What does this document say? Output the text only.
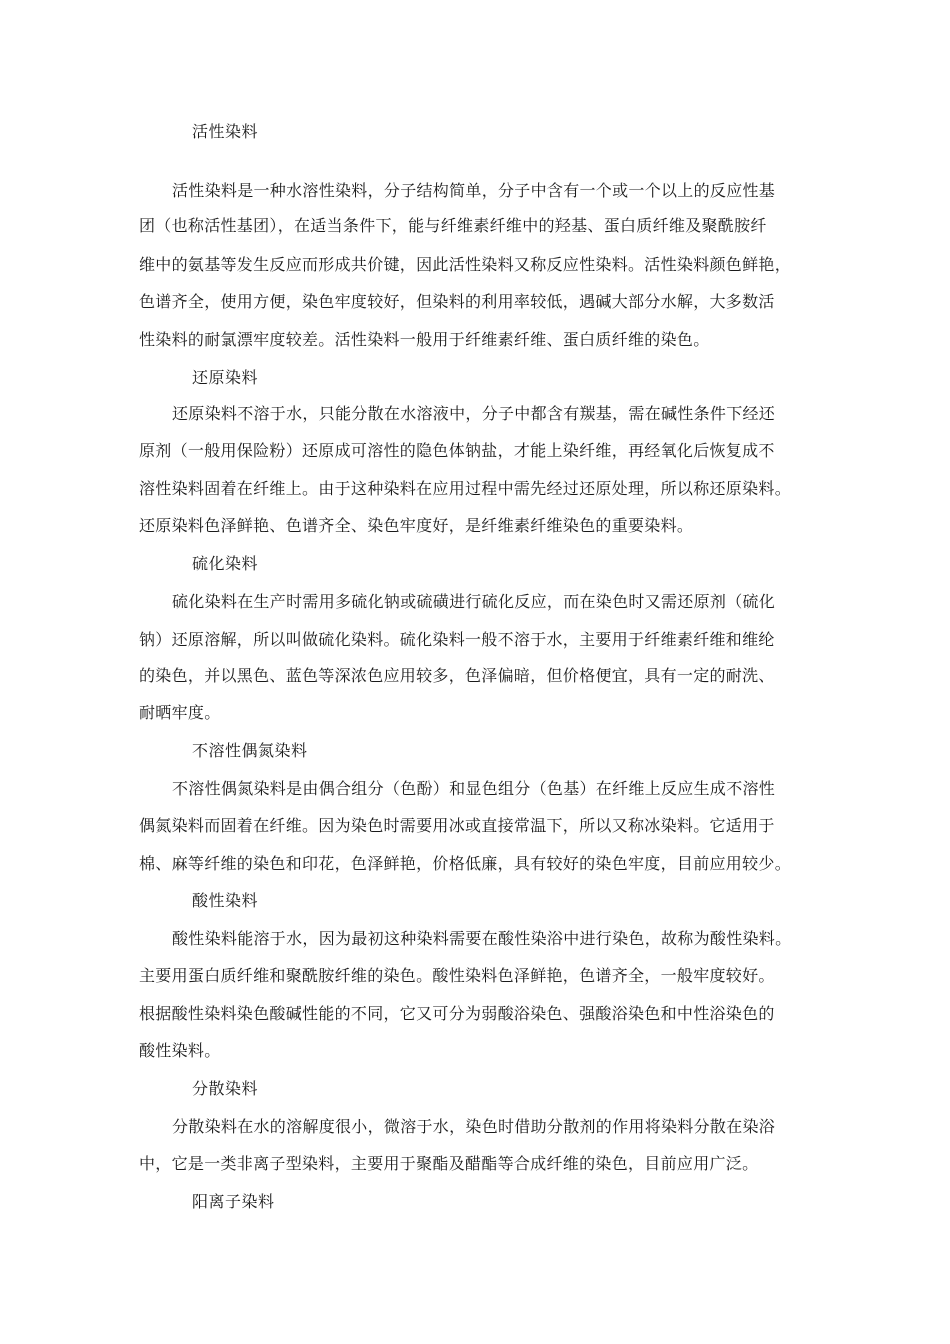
活性染料
活性染料是一种水溶性染料，分子结构简单，分子中含有一个或一个以上的反应性基
团（也称活性基团），在适当条件下，能与纤维素纤维中的羟基、蛋白质纤维及聚酰胺纤
维中的氨基等发生反应而形成共价键，因此活性染料又称反应性染料。活性染料颜色鲜艳，
色谱齐全，使用方便，染色牢度较好，但染料的利用率较低，遇碱大部分水解，大多数活
性染料的耐氯漂牢度较差。活性染料一般用于纤维素纤维、蛋白质纤维的染色。
还原染料
还原染料不溶于水，只能分散在水溶液中，分子中都含有羰基，需在碱性条件下经还
原剂（一般用保险粉）还原成可溶性的隐色体钠盐，才能上染纤维，再经氧化后恢复成不
溶性染料固着在纤维上。由于这种染料在应用过程中需先经过还原处理，所以称还原染料。
还原染料色泽鲜艳、色谱齐全、染色牢度好，是纤维素纤维染色的重要染料。
硫化染料
硫化染料在生产时需用多硫化钠或硫磺进行硫化反应，而在染色时又需还原剂（硫化
钠）还原溶解，所以叫做硫化染料。硫化染料一般不溶于水，主要用于纤维素纤维和维纶
的染色，并以黑色、蓝色等深浓色应用较多，色泽偏暗，但价格便宜，具有一定的耐洗、
耐晒牢度。
不溶性偶氮染料
不溶性偶氮染料是由偶合组分（色酚）和显色组分（色基）在纤维上反应生成不溶性
偶氮染料而固着在纤维。因为染色时需要用冰或直接常温下，所以又称冰染料。它适用于
棉、麻等纤维的染色和印花，色泽鲜艳，价格低廉，具有较好的染色牢度，目前应用较少。
酸性染料
酸性染料能溶于水，因为最初这种染料需要在酸性染浴中进行染色，故称为酸性染料。
主要用蛋白质纤维和聚酰胺纤维的染色。酸性染料色泽鲜艳，色谱齐全，一般牢度较好。
根据酸性染料染色酸碱性能的不同，它又可分为弱酸浴染色、强酸浴染色和中性浴染色的
酸性染料。
分散染料
分散染料在水的溶解度很小，微溶于水，染色时借助分散剂的作用将染料分散在染浴
中，它是一类非离子型染料，主要用于聚酯及醋酯等合成纤维的染色，目前应用广泛。
阳离子染料
